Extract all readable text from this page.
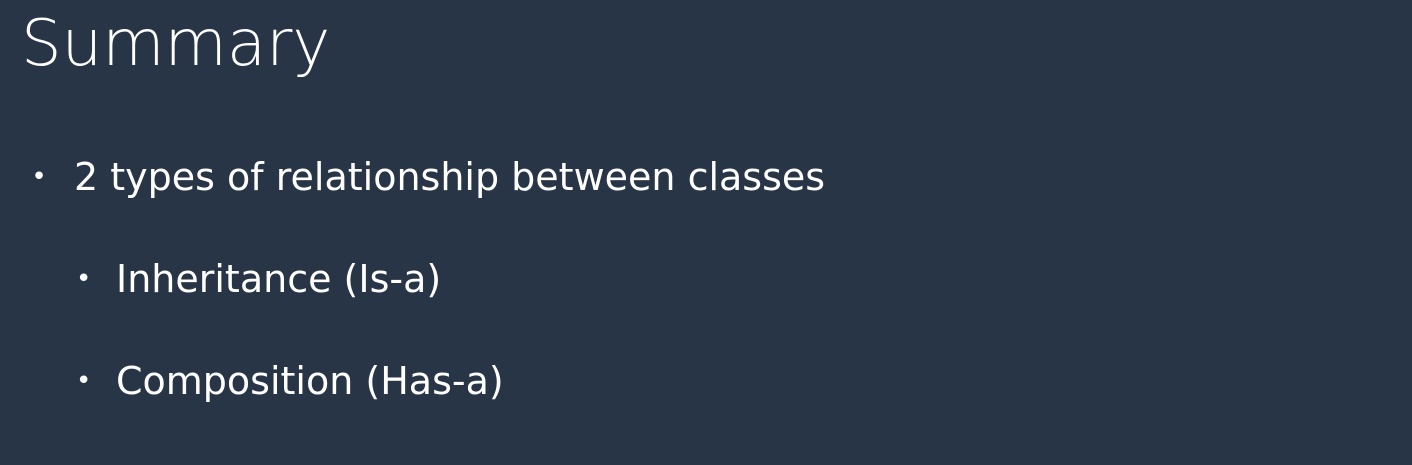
Summary
• 2 types of relationship between classes
• Inheritance (Is-a)
• Composition (Has-a)
